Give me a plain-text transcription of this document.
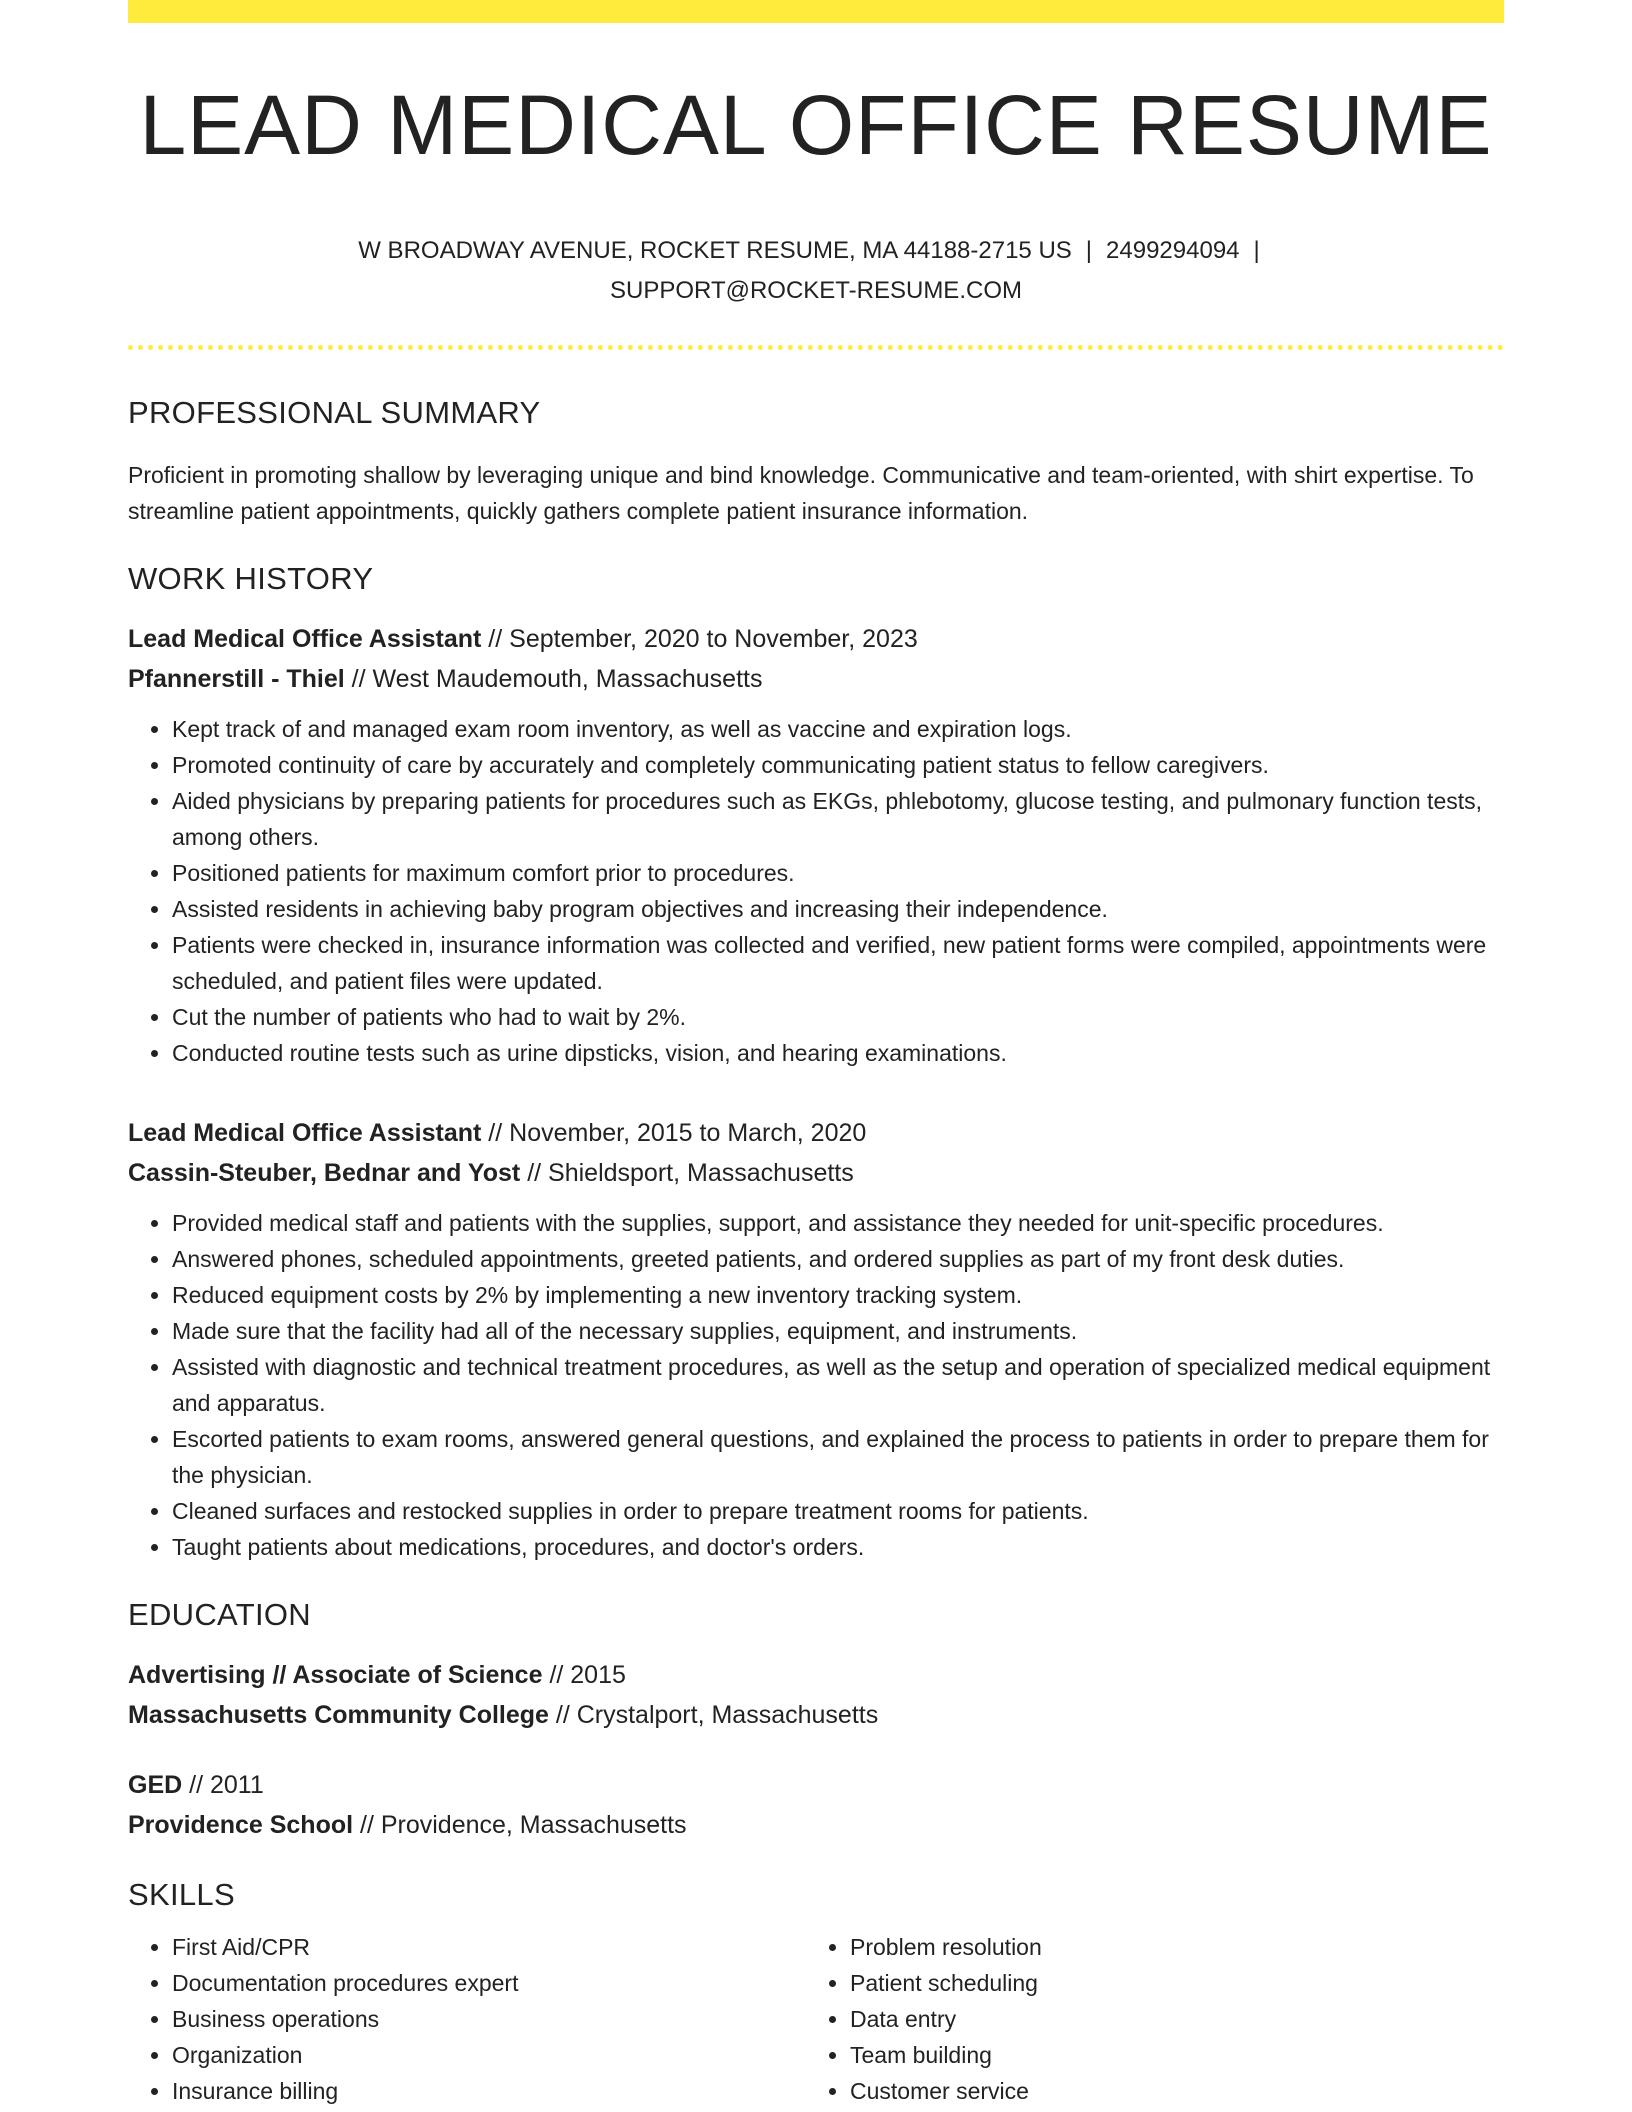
LEAD MEDICAL OFFICE RESUME
W BROADWAY AVENUE, ROCKET RESUME, MA 44188-2715 US | 2499294094 |
SUPPORT@ROCKET-RESUME.COM
PROFESSIONAL SUMMARY
Proficient in promoting shallow by leveraging unique and bind knowledge. Communicative and team-oriented, with shirt expertise. To streamline patient appointments, quickly gathers complete patient insurance information.
WORK HISTORY
Lead Medical Office Assistant // September, 2020 to November, 2023
Pfannerstill - Thiel // West Maudemouth, Massachusetts
• Kept track of and managed exam room inventory, as well as vaccine and expiration logs.
• Promoted continuity of care by accurately and completely communicating patient status to fellow caregivers.
• Aided physicians by preparing patients for procedures such as EKGs, phlebotomy, glucose testing, and pulmonary function tests, among others.
• Positioned patients for maximum comfort prior to procedures.
• Assisted residents in achieving baby program objectives and increasing their independence.
• Patients were checked in, insurance information was collected and verified, new patient forms were compiled, appointments were scheduled, and patient files were updated.
• Cut the number of patients who had to wait by 2%.
• Conducted routine tests such as urine dipsticks, vision, and hearing examinations.
Lead Medical Office Assistant // November, 2015 to March, 2020
Cassin-Steuber, Bednar and Yost // Shieldsport, Massachusetts
• Provided medical staff and patients with the supplies, support, and assistance they needed for unit-specific procedures.
• Answered phones, scheduled appointments, greeted patients, and ordered supplies as part of my front desk duties.
• Reduced equipment costs by 2% by implementing a new inventory tracking system.
• Made sure that the facility had all of the necessary supplies, equipment, and instruments.
• Assisted with diagnostic and technical treatment procedures, as well as the setup and operation of specialized medical equipment and apparatus.
• Escorted patients to exam rooms, answered general questions, and explained the process to patients in order to prepare them for the physician.
• Cleaned surfaces and restocked supplies in order to prepare treatment rooms for patients.
• Taught patients about medications, procedures, and doctor's orders.
EDUCATION
Advertising // Associate of Science // 2015
Massachusetts Community College // Crystalport, Massachusetts
GED // 2011
Providence School // Providence, Massachusetts
SKILLS
• First Aid/CPR
• Documentation procedures expert
• Business operations
• Organization
• Insurance billing
• Problem resolution
• Patient scheduling
• Data entry
• Team building
• Customer service
